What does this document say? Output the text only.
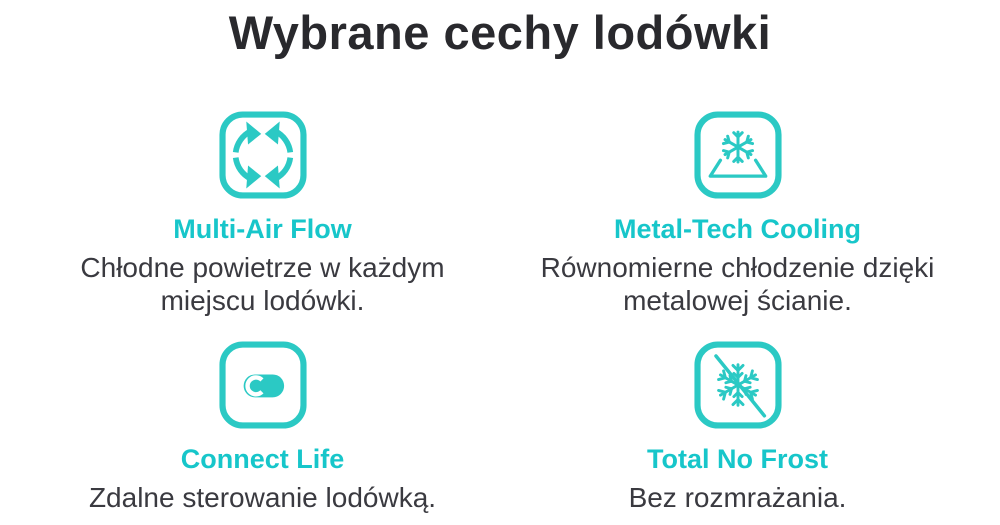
Wybrane cechy lodówki
Multi-Air Flow
Chłodne powietrze w każdym miejscu lodówki.
Metal-Tech Cooling
Równomierne chłodzenie dzięki metalowej ścianie.
Connect Life
Zdalne sterowanie lodówką.
Total No Frost
Bez rozmrażania.
